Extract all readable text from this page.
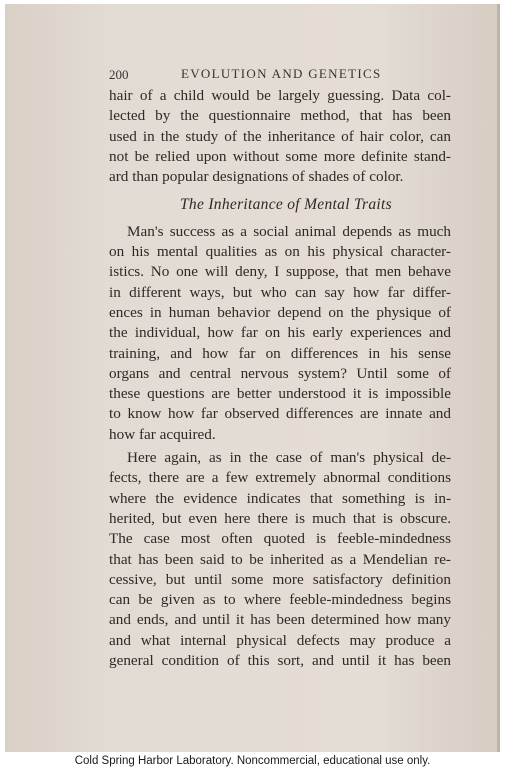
200	EVOLUTION AND GENETICS
hair of a child would be largely guessing. Data col-
lected by the questionnaire method, that has been
used in the study of the inheritance of hair color, can
not be relied upon without some more definite stand-
ard than popular designations of shades of color.
The Inheritance of Mental Traits
Man's success as a social animal depends as much
on his mental qualities as on his physical character-
istics. No one will deny, I suppose, that men behave
in different ways, but who can say how far differ-
ences in human behavior depend on the physique of
the individual, how far on his early experiences and
training, and how far on differences in his sense
organs and central nervous system? Until some of
these questions are better understood it is impossible
to know how far observed differences are innate and
how far acquired.
Here again, as in the case of man's physical de-
fects, there are a few extremely abnormal conditions
where the evidence indicates that something is in-
herited, but even here there is much that is obscure.
The case most often quoted is feeble-mindedness
that has been said to be inherited as a Mendelian re-
cessive, but until some more satisfactory definition
can be given as to where feeble-mindedness begins
and ends, and until it has been determined how many
and what internal physical defects may produce a
general condition of this sort, and until it has been
Cold Spring Harbor Laboratory. Noncommercial, educational use only.
